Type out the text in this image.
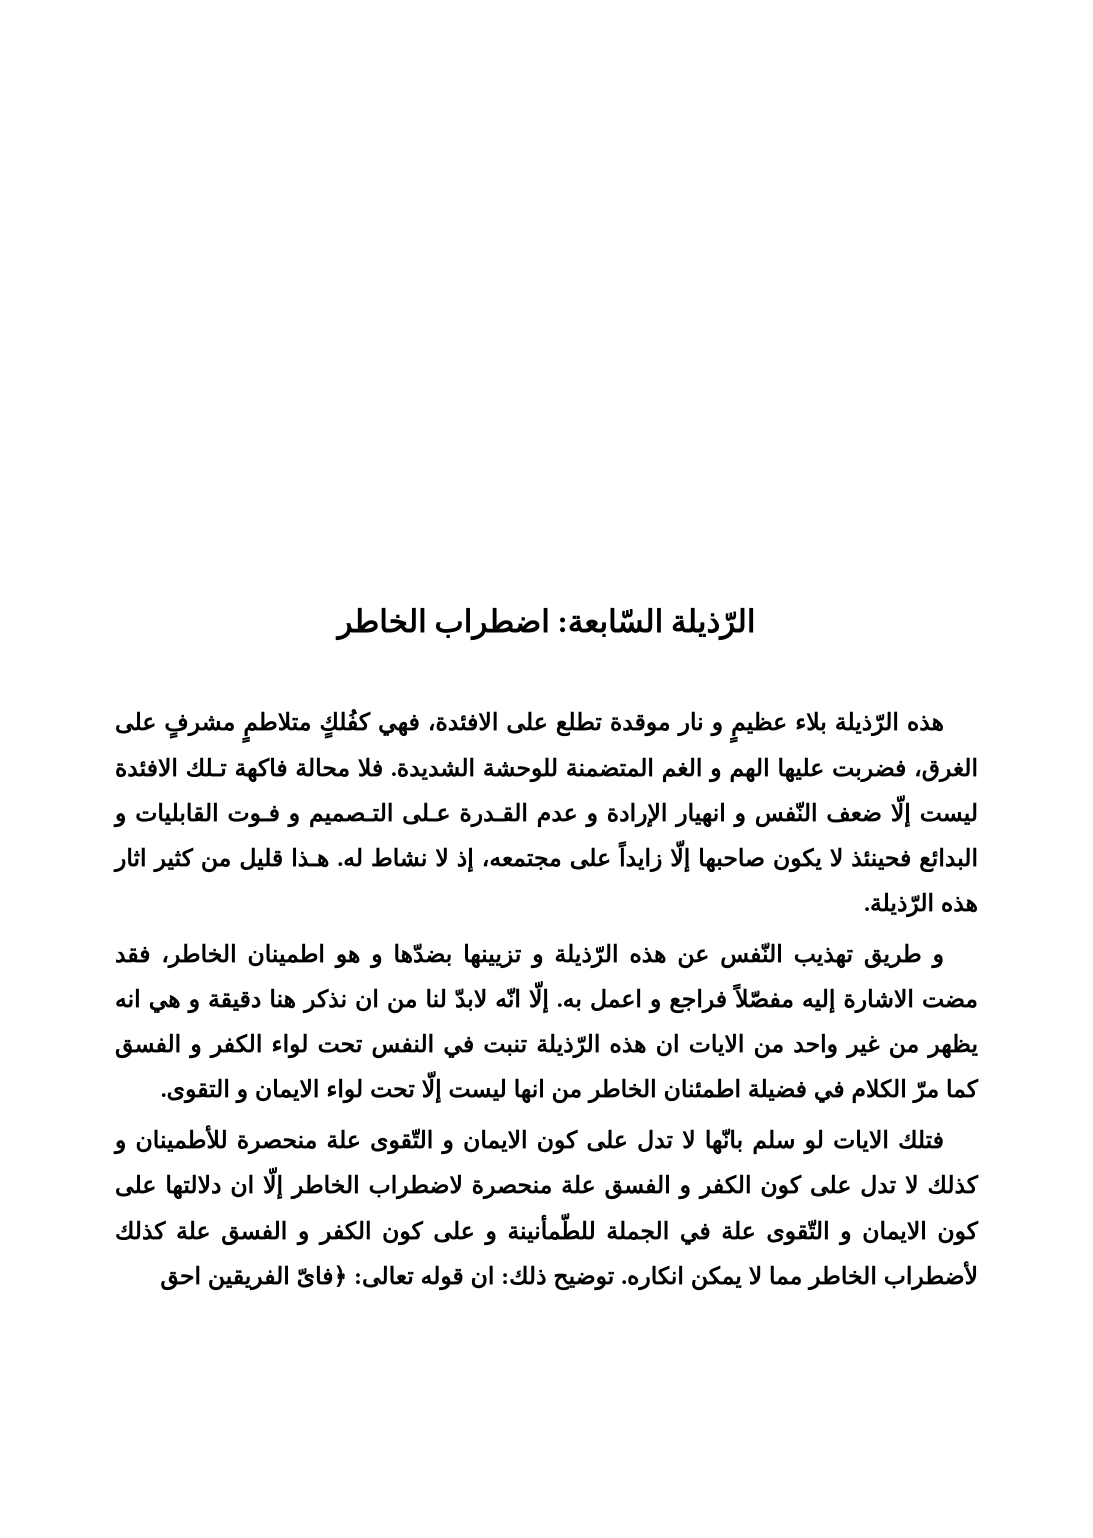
الرّذيلة السّابعة: اضطراب الخاطر

هذه الرّذيلة بلاء عظيمٍ و نار موقدة تطلع على الافئدة، فهي كفُلكٍ متلاطمٍ مشرفٍ على الغرق، فضربت عليها الهم و الغم المتضمنة للوحشة الشديدة. فلا محالة فاكهة تـلك الافئدة ليست إلّا ضعف النّفس و انهيار الإرادة و عدم القـدرة عـلى التـصميم و فـوت القابليات و البدائع فحينئذ لا يكون صاحبها إلّا زايداً على مجتمعه، إذ لا نشاط له. هـذا قليل من كثير اثار هذه الرّذيلة.

و طريق تهذيب النّفس عن هذه الرّذيلة و تزيينها بضدّها و هو اطمينان الخاطر، فقد مضت الاشارة إليه مفصّلاً فراجع و اعمل به. إلّا انّه لابدّ لنا من ان نذكر هنا دقيقة و هي انه يظهر من غير واحد من الايات ان هذه الرّذيلة تنبت في النفس تحت لواء الكفر و الفسق كما مرّ الكلام في فضيلة اطمئنان الخاطر من انها ليست إلّا تحت لواء الايمان و التقوى.

فتلك الايات لو سلم بانّها لا تدل على كون الايمان و التّقوى علة منحصرة للأطمينان و كذلك لا تدل على كون الكفر و الفسق علة منحصرة لاضطراب الخاطر إلّا ان دلالتها على كون الايمان و التّقوى علة في الجملة للطّمأنينة و على كون الكفر و الفسق علة كذلك لأضطراب الخاطر مما لا يمكن انكاره. توضيح ذلك: ان قوله تعالى: ﴿فاىّ الفريقين احق
